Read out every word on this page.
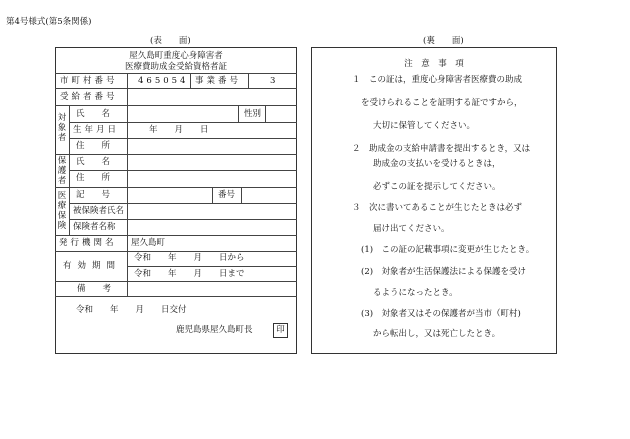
第4号様式(第5条関係)
(表　　面)
屋久島町重度心身障害者
医療費助成金受給資格者証
市町村番号 465054 事業番号	3
受給者番号
対象者
氏　　名	性別
生年月日	年　　月　　日
住　　所
保護者
氏　　名
住　　所
医療保険
記　　号	番号
被保険者氏名
保険者名称
発行機関名 屋久島町
有効期間
令和　　年　　月　　日から
令和　　年　　月　　日まで
備　　考
令和　　年　　月　　日交付
鹿児島県屋久島町長	印
(裏　　面)
注　意　事　項
１　この証は，重度心身障害者医療費の助成
を受けられることを証明する証ですから，
大切に保管してください。
２　助成金の支給申請書を提出するとき，又は
助成金の支払いを受けるときは，
必ずこの証を提示してください。
３　次に書いてあることが生じたときは必ず
届け出てください。
(1)　この証の記載事項に変更が生じたとき。
(2)　対象者が生活保護法による保護を受け
るようになったとき。
(3)　対象者又はその保護者が当市（町村)
から転出し，又は死亡したとき。
